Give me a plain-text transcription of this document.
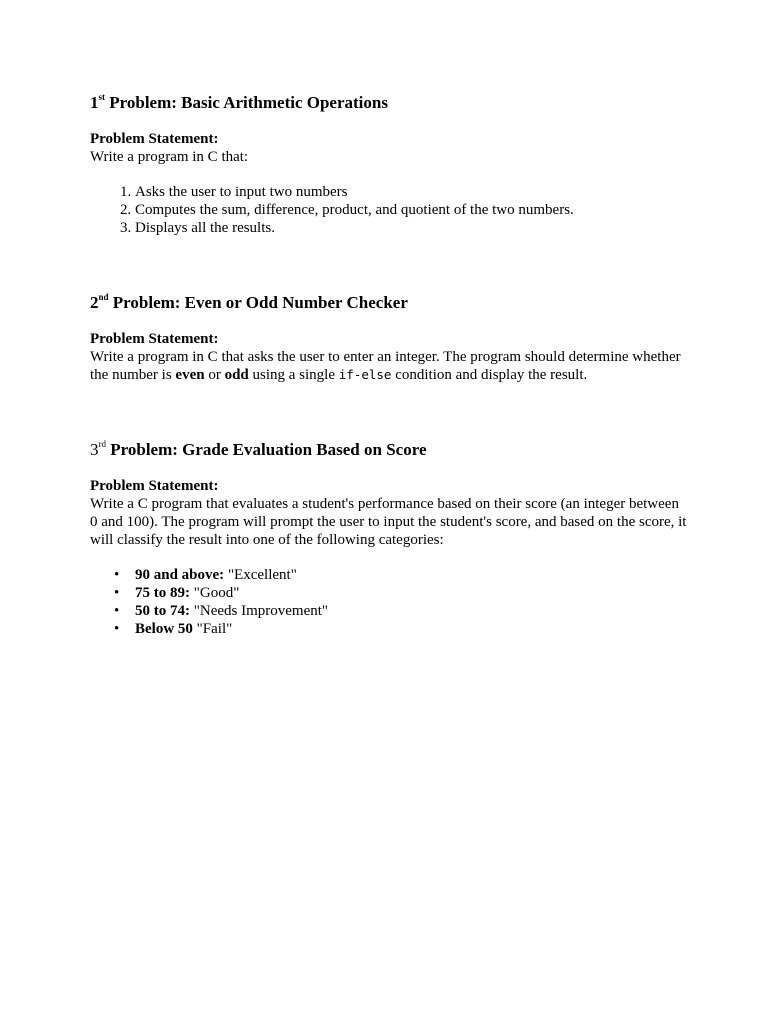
1st Problem: Basic Arithmetic Operations
Problem Statement:

Write a program in C that:

1. Asks the user to input two numbers
2. Computes the sum, difference, product, and quotient of the two numbers.
3. Displays all the results.
2nd Problem: Even or Odd Number Checker
Problem Statement:

Write a program in C that asks the user to enter an integer. The program should determine whether the number is even or odd using a single if-else condition and display the result.

3rd Problem: Grade Evaluation Based on Score
Problem Statement:

Write a C program that evaluates a student's performance based on their score (an integer between 0 and 100). The program will prompt the user to input the student's score, and based on the score, it will classify the result into one of the following categories:

• 90 and above: "Excellent"
• 75 to 89: "Good"
• 50 to 74: "Needs Improvement"
• Below 50 "Fail"
